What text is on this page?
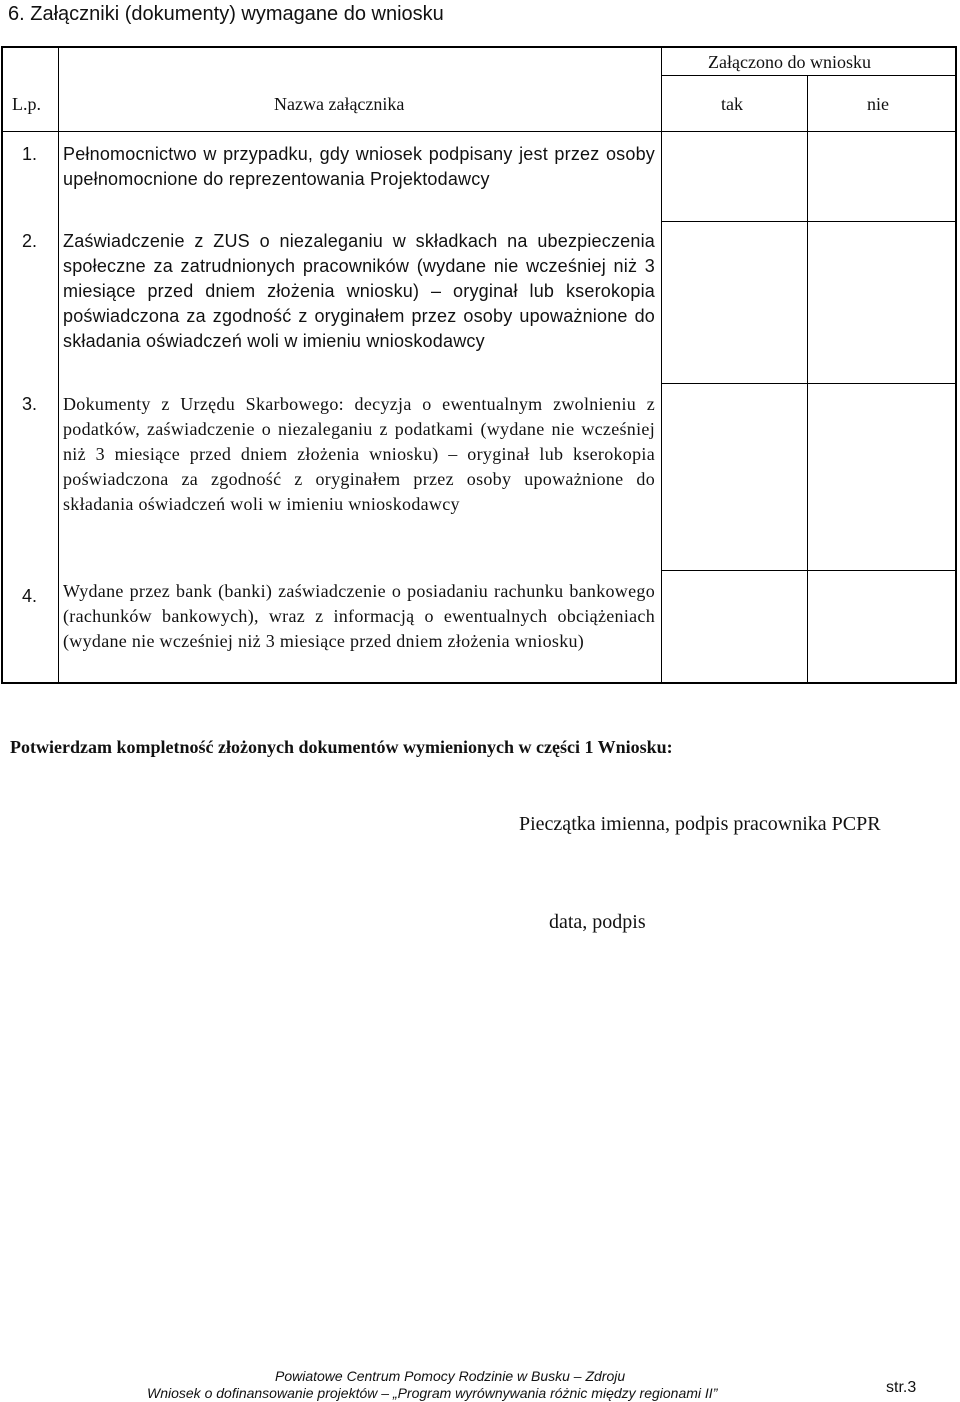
6. Załączniki (dokumenty) wymagane do wniosku
Załączono do wniosku
L.p.	Nazwa załącznika	tak	nie
1. Pełnomocnictwo w przypadku, gdy wniosek podpisany jest przez osoby upełnomocnione do reprezentowania Projektodawcy
2. Zaświadczenie z ZUS o niezaleganiu w składkach na ubezpieczenia społeczne za zatrudnionych pracowników (wydane nie wcześniej niż 3 miesiące przed dniem złożenia wniosku) – oryginał lub kserokopia poświadczona za zgodność z oryginałem przez osoby upoważnione do składania oświadczeń woli w imieniu wnioskodawcy
3. Dokumenty z Urzędu Skarbowego: decyzja o ewentualnym zwolnieniu z podatków, zaświadczenie o niezaleganiu z podatkami (wydane nie wcześniej niż 3 miesiące przed dniem złożenia wniosku) – oryginał lub kserokopia poświadczona za zgodność z oryginałem przez osoby upoważnione do składania oświadczeń woli w imieniu wnioskodawcy
4. Wydane przez bank (banki) zaświadczenie o posiadaniu rachunku bankowego (rachunków bankowych), wraz z informacją o ewentualnych obciążeniach (wydane nie wcześniej niż 3 miesiące przed dniem złożenia wniosku)
Potwierdzam kompletność złożonych dokumentów wymienionych w części 1 Wniosku:
Pieczątka imienna, podpis pracownika PCPR
data, podpis
Powiatowe Centrum Pomocy Rodzinie w Busku – Zdroju
Wniosek o dofinansowanie projektów – „Program wyrównywania różnic między regionami II”	str.3
